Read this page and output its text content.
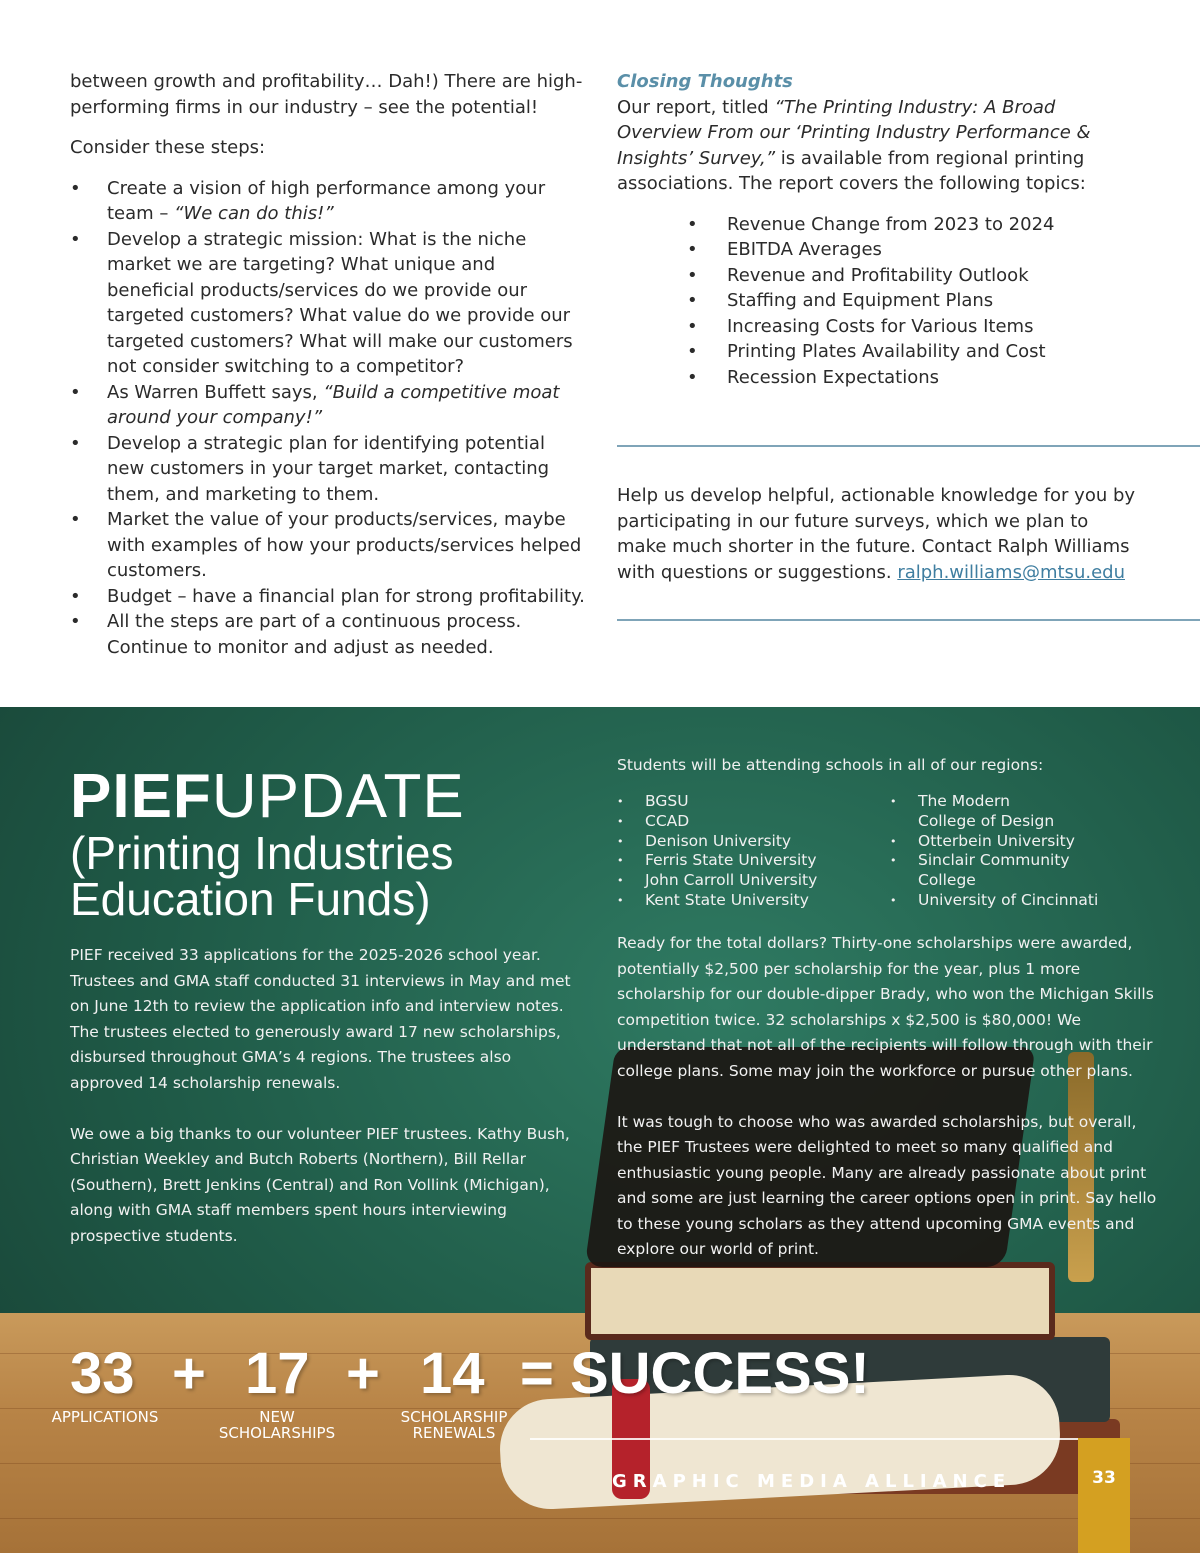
between growth and profitability… Dah!) There are high-performing firms in our industry – see the potential!

Consider these steps:

• Create a vision of high performance among your team – “We can do this!”
• Develop a strategic mission: What is the niche market we are targeting? What unique and beneficial products/services do we provide our targeted customers? What value do we provide our targeted customers? What will make our customers not consider switching to a competitor?
• As Warren Buffett says, “Build a competitive moat around your company!”
• Develop a strategic plan for identifying potential new customers in your target market, contacting them, and marketing to them.
• Market the value of your products/services, maybe with examples of how your products/services helped customers.
• Budget – have a financial plan for strong profitability.
• All the steps are part of a continuous process. Continue to monitor and adjust as needed.
Closing Thoughts

Our report, titled “The Printing Industry: A Broad Overview From our ‘Printing Industry Performance & Insights’ Survey,” is available from regional printing associations. The report covers the following topics:

• Revenue Change from 2023 to 2024
• EBITDA Averages
• Revenue and Profitability Outlook
• Staffing and Equipment Plans
• Increasing Costs for Various Items
• Printing Plates Availability and Cost
• Recession Expectations

Help us develop helpful, actionable knowledge for you by participating in our future surveys, which we plan to make much shorter in the future. Contact Ralph Williams with questions or suggestions. ralph.williams@mtsu.edu

PIEFUPDATE
(Printing Industries
Education Funds)

PIEF received 33 applications for the 2025-2026 school year. Trustees and GMA staff conducted 31 interviews in May and met on June 12th to review the application info and interview notes. The trustees elected to generously award 17 new scholarships, disbursed throughout GMA’s 4 regions. The trustees also approved 14 scholarship renewals.

We owe a big thanks to our volunteer PIEF trustees. Kathy Bush, Christian Weekley and Butch Roberts (Northern), Bill Rellar (Southern), Brett Jenkins (Central) and Ron Vollink (Michigan), along with GMA staff members spent hours interviewing prospective students.

Students will be attending schools in all of our regions:

• BGSU
• CCAD
• Denison University
• Ferris State University
• John Carroll University
• Kent State University
• The Modern College of Design
• Otterbein University
• Sinclair Community College
• University of Cincinnati

Ready for the total dollars? Thirty-one scholarships were awarded, potentially $2,500 per scholarship for the year, plus 1 more scholarship for our double-dipper Brady, who won the Michigan Skills competition twice. 32 scholarships x $2,500 is $80,000! We understand that not all of the recipients will follow through with their college plans. Some may join the workforce or pursue other plans.

It was tough to choose who was awarded scholarships, but overall, the PIEF Trustees were delighted to meet so many qualified and enthusiastic young people. Many are already passionate about print and some are just learning the career options open in print. Say hello to these young scholars as they attend upcoming GMA events and explore our world of print.

33 + 17 + 14 = SUCCESS!
APPLICATIONS	NEW SCHOLARSHIPS
SCHOLARSHIP RENEWALS
GRAPHIC MEDIA ALLIANCE	33
